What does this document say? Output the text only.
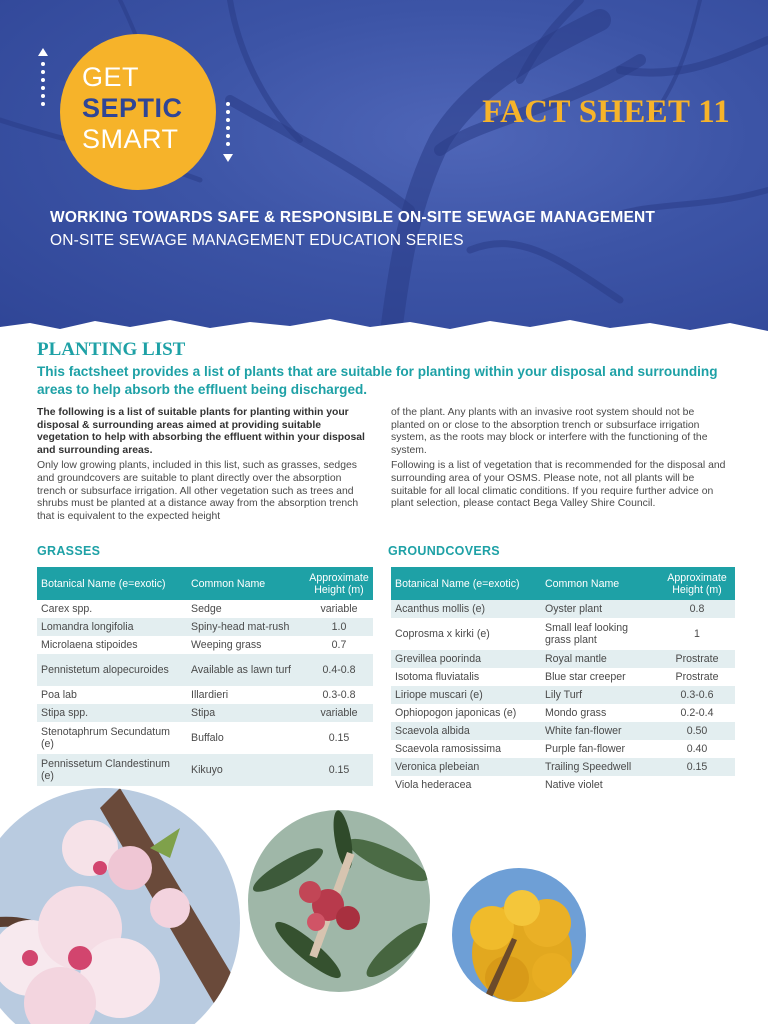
GET
SEPTIC
SMART
FACT SHEET 11
WORKING TOWARDS SAFE & RESPONSIBLE ON-SITE SEWAGE MANAGEMENT
ON-SITE SEWAGE MANAGEMENT EDUCATION SERIES
PLANTING LIST
This factsheet provides a list of plants that are suitable for planting within your disposal and surrounding areas to help absorb the effluent being discharged.

The following is a list of suitable plants for planting within your disposal & surrounding areas aimed at providing suitable vegetation to help with absorbing the effluent within your disposal and surrounding areas.

Only low growing plants, included in this list, such as grasses, sedges and groundcovers are suitable to plant directly over the absorption trench or subsurface irrigation. All other vegetation such as trees and shrubs must be planted at a distance away from the absorption trench that is equivalent to the expected height

of the plant. Any plants with an invasive root system should not be planted on or close to the absorption trench or subsurface irrigation system, as the roots may block or interfere with the functioning of the system.

Following is a list of vegetation that is recommended for the disposal and surrounding area of your OSMS. Please note, not all plants will be suitable for all local climatic conditions. If you require further advice on plant selection, please contact Bega Valley Shire Council.

GRASSES
Botanical Name (e=exotic)	Common Name	Approximate Height (m)
Carex spp.	Sedge	variable
Lomandra longifolia	Spiny-head mat-rush	1.0
Microlaena stipoides	Weeping grass	0.7
Pennistetum alopecuroides	Available as lawn turf	0.4-0.8
Poa lab	Illardieri	0.3-0.8
Stipa spp.	Stipa	variable
Stenotaphrum Secundatum (e)	Buffalo	0.15
Pennissetum Clandestinum (e)	Kikuyo	0.15
GROUNDCOVERS
Botanical Name (e=exotic)	Common Name	Approximate Height (m)
Acanthus mollis (e)	Oyster plant	0.8
Coprosma x kirki (e)	Small leaf looking grass plant	1
Grevillea poorinda	Royal mantle	Prostrate
Isotoma fluviatalis	Blue star creeper	Prostrate
Liriope muscari (e)	Lily Turf	0.3-0.6
Ophiopogon japonicas (e)	Mondo grass	0.2-0.4
Scaevola albida	White fan-flower	0.50
Scaevola ramosissima	Purple fan-flower	0.40
Veronica plebeian	Trailing Speedwell	0.15
Viola hederacea	Native violet	
